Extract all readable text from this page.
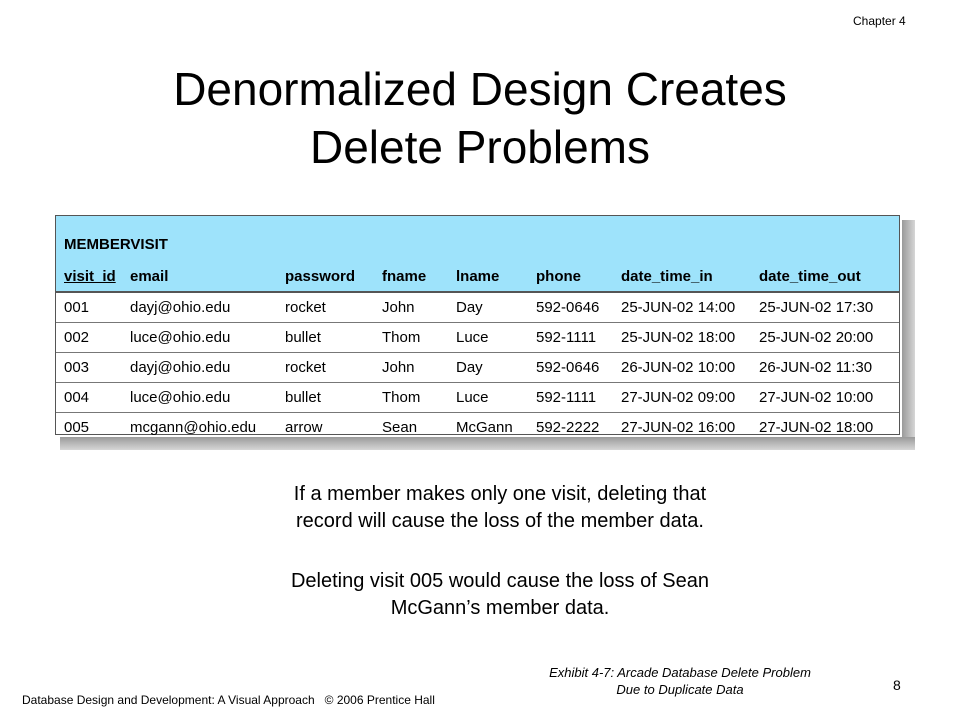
Chapter 4
Denormalized Design Creates
Delete Problems
MEMBERVISIT
visit_id	email	password	fname	lname	phone	date_time_in	date_time_out
001	dayj@ohio.edu	rocket	John	Day	592-0646	25-JUN-02 14:00	25-JUN-02 17:30
002	luce@ohio.edu	bullet	Thom	Luce	592-1111	25-JUN-02 18:00	25-JUN-02 20:00
003	dayj@ohio.edu	rocket	John	Day	592-0646	26-JUN-02 10:00	26-JUN-02 11:30
004	luce@ohio.edu	bullet	Thom	Luce	592-1111	27-JUN-02 09:00	27-JUN-02 10:00
005	mcgann@ohio.edu	arrow	Sean	McGann	592-2222	27-JUN-02 16:00	27-JUN-02 18:00
If a member makes only one visit, deleting that
record will cause the loss of the member data.
Deleting visit 005 would cause the loss of Sean
McGann’s member data.
Exhibit 4-7: Arcade Database Delete Problem
Due to Duplicate Data
Database Design and Development: A Visual Approach   © 2006 Prentice Hall
8
